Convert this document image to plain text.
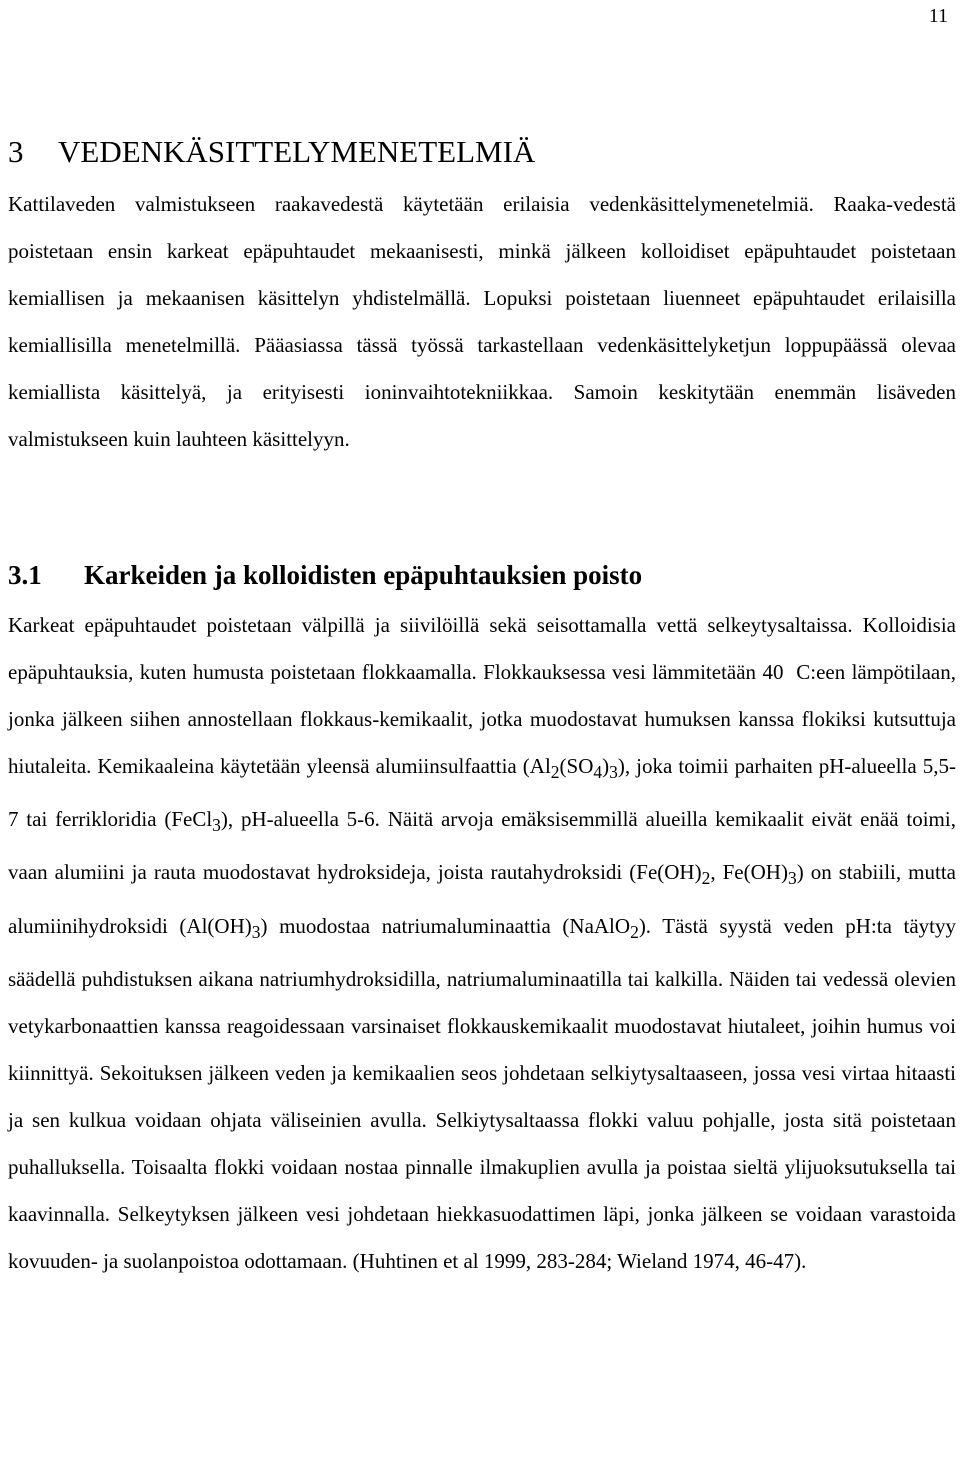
11
3 VEDENKÄSITTELYMENETELMIÄ

Kattilaveden valmistukseen raakavedestä käytetään erilaisia vedenkäsittelymenetelmiä. Raaka-vedestä poistetaan ensin karkeat epäpuhtaudet mekaanisesti, minkä jälkeen kolloidiset epäpuhtaudet poistetaan kemiallisen ja mekaanisen käsittelyn yhdistelmällä. Lopuksi poistetaan liuenneet epäpuhtaudet erilaisilla kemiallisilla menetelmillä. Pääasiassa tässä työssä tarkastellaan vedenkäsittelyketjun loppupäässä olevaa kemiallista käsittelyä, ja erityisesti ioninvaihtotekniikkaa. Samoin keskitytään enemmän lisäveden valmistukseen kuin lauhteen käsittelyyn.

3.1 Karkeiden ja kolloidisten epäpuhtauksien poisto

Karkeat epäpuhtaudet poistetaan välpillä ja siivilöillä sekä seisottamalla vettä selkeytysaltaissa. Kolloidisia epäpuhtauksia, kuten humusta poistetaan flokkaamalla. Flokkauksessa vesi lämmitetään 40  C:een lämpötilaan, jonka jälkeen siihen annostellaan flokkaus-kemikaalit, jotka muodostavat humuksen kanssa flokiksi kutsuttuja hiutaleita. Kemikaaleina käytetään yleensä alumiinsulfaattia $(Al_2(SO_4)_3)$, joka toimii parhaiten pH-alueella 5,5-7 tai ferrikloridia (FeCl$_3$), pH-alueella 5-6. Näitä arvoja emäksisemmillä alueilla kemikaalit eivät enää toimi, vaan alumiini ja rauta muodostavat hydroksideja, joista rautahydroksidi ($Fe(OH)_2$, $Fe(OH)_3$) on stabiili, mutta alumiinihydroksidi $(Al(OH)_3)$ muodostaa natriumaluminaattia (NaAlO$_2$). Tästä syystä veden pH:ta täytyy säädellä puhdistuksen aikana natriumhydroksidilla, natriumaluminaatilla tai kalkilla. Näiden tai vedessä olevien vetykarbonaattien kanssa reagoidessaan varsinaiset flokkauskemikaalit muodostavat hiutaleet, joihin humus voi kiinnittyä. Sekoituksen jälkeen veden ja kemikaalien seos johdetaan selkiytysaltaaseen, jossa vesi virtaa hitaasti ja sen kulkua voidaan ohjata väliseinien avulla. Selkiytysaltaassa flokki valuu pohjalle, josta sitä poistetaan puhalluksella. Toisaalta flokki voidaan nostaa pinnalle ilmakuplien avulla ja poistaa sieltä ylijuoksutuksella tai kaavinnalla. Selkeytyksen jälkeen vesi johdetaan hiekkasuodattimen läpi, jonka jälkeen se voidaan varastoida kovuuden- ja suolanpoistoa odottamaan. (Huhtinen et al 1999, 283-284; Wieland 1974, 46-47).
